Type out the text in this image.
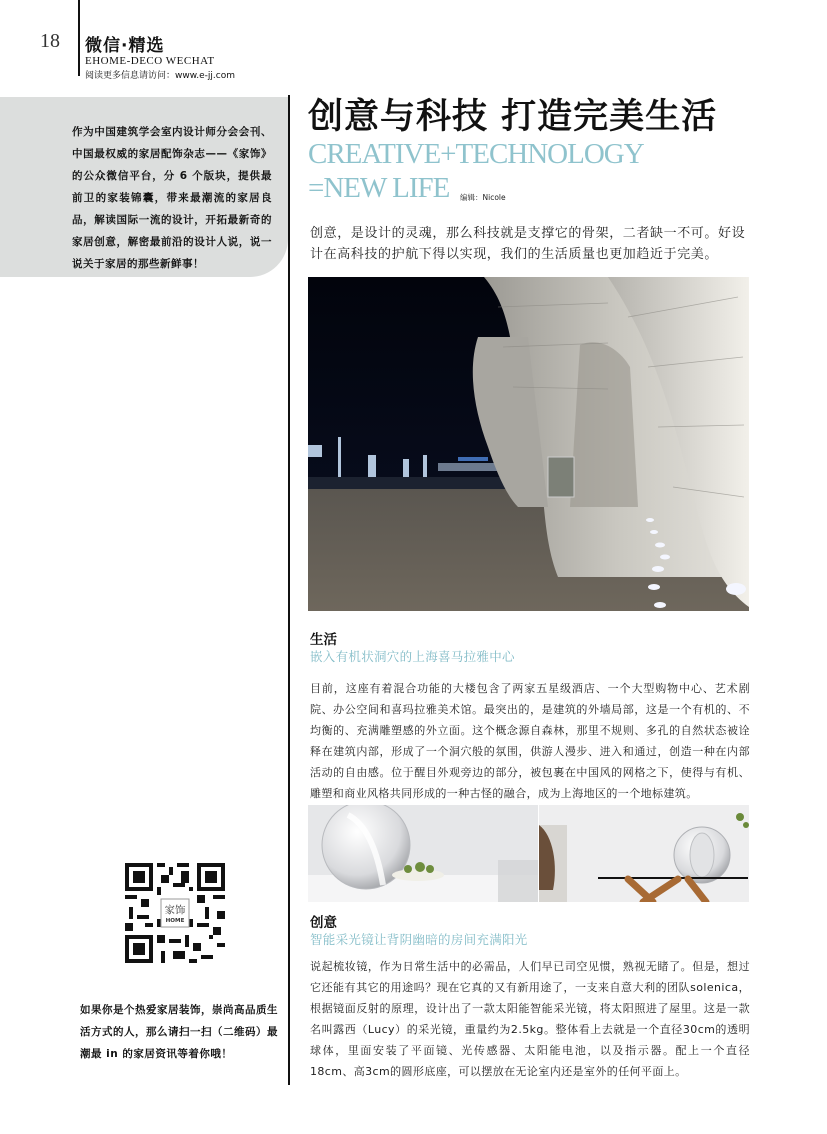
18 微信·精选
EHOME-DECO WECHAT
阅读更多信息请访问：www.e-jj.com
作为中国建筑学会室内设计师分会会刊、中国最权威的家居配饰杂志——《家饰》的公众微信平台，分 6 个版块，提供最前卫的家装锦囊，带来最潮流的家居良品，解读国际一流的设计，开拓最新奇的家居创意，解密最前沿的设计人说，说一说关于家居的那些新鲜事！
创意与科技 打造完美生活
CREATIVE+TECHNOLOGY
=NEW LIFE 编辑：Nicole
创意，是设计的灵魂，那么科技就是支撑它的骨架，二者缺一不可。好设计在高科技的护航下得以实现，我们的生活质量也更加趋近于完美。
生活
嵌入有机状洞穴的上海喜马拉雅中心
目前，这座有着混合功能的大楼包含了两家五星级酒店、一个大型购物中心、艺术剧院、办公空间和喜玛拉雅美术馆。最突出的，是建筑的外墙局部，这是一个有机的、不均衡的、充满雕塑感的外立面。这个概念源自森林，那里不规则、多孔的自然状态被诠释在建筑内部，形成了一个洞穴般的氛围，供游人漫步、进入和通过，创造一种在内部活动的自由感。位于醒目外观旁边的部分，被包裹在中国风的网格之下，使得与有机、雕塑和商业风格共同形成的一种古怪的融合，成为上海地区的一个地标建筑。
创意
智能采光镜让背阴幽暗的房间充满阳光
说起梳妆镜，作为日常生活中的必需品，人们早已司空见惯，熟视无睹了。但是，想过它还能有其它的用途吗？现在它真的又有新用途了，一支来自意大利的团队solenica，根据镜面反射的原理，设计出了一款太阳能智能采光镜，将太阳照进了屋里。这是一款名叫露西（Lucy）的采光镜，重量约为2.5kg。整体看上去就是一个直径30cm的透明球体，里面安装了平面镜、光传感器、太阳能电池，以及指示器。配上一个直径18cm、高3cm的圆形底座，可以摆放在无论室内还是室外的任何平面上。
家饰
HOME
如果你是个热爱家居装饰，崇尚高品质生活方式的人，那么请扫一扫（二维码）最潮最 in 的家居资讯等着你哦！
